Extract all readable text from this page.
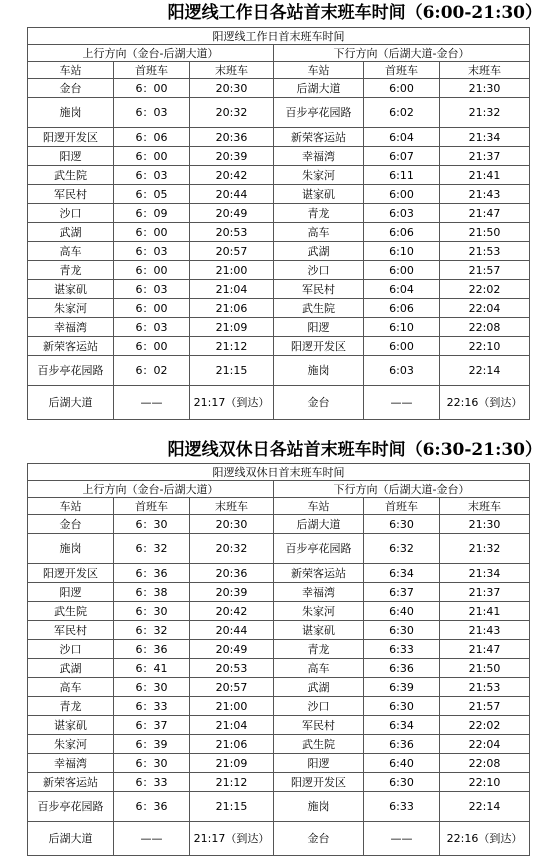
阳逻线工作日各站首末班车时间（6:00-21:30）
阳逻线工作日首末班车时间					
上行方向（金台-后湖大道）			下行方向（后湖大道-金台）		
车站	首班车	末班车	车站	首班车	末班车
金台	6：00	20:30	后湖大道	6:00	21:30
施岗	6：03	20:32	百步亭花园路	6:02	21:32
阳逻开发区	6：06	20:36	新荣客运站	6:04	21:34
阳逻	6：00	20:39	幸福湾	6:07	21:37
武生院	6：03	20:42	朱家河	6:11	21:41
军民村	6：05	20:44	谌家矶	6:00	21:43
沙口	6：09	20:49	青龙	6:03	21:47
武湖	6：00	20:53	高车	6:06	21:50
高车	6：03	20:57	武湖	6:10	21:53
青龙	6：00	21:00	沙口	6:00	21:57
谌家矶	6：03	21:04	军民村	6:04	22:02
朱家河	6：00	21:06	武生院	6:06	22:04
幸福湾	6：03	21:09	阳逻	6:10	22:08
新荣客运站	6：00	21:12	阳逻开发区	6:00	22:10
百步亭花园路	6：02	21:15	施岗	6:03	22:14
后湖大道	——	21:17（到达）	金台	——	22:16（到达）
阳逻线双休日各站首末班车时间（6:30-21:30）
阳逻线双休日首末班车时间					
上行方向（金台-后湖大道）			下行方向（后湖大道-金台）		
车站	首班车	末班车	车站	首班车	末班车
金台	6：30	20:30	后湖大道	6:30	21:30
施岗	6：32	20:32	百步亭花园路	6:32	21:32
阳逻开发区	6：36	20:36	新荣客运站	6:34	21:34
阳逻	6：38	20:39	幸福湾	6:37	21:37
武生院	6：30	20:42	朱家河	6:40	21:41
军民村	6：32	20:44	谌家矶	6:30	21:43
沙口	6：36	20:49	青龙	6:33	21:47
武湖	6：41	20:53	高车	6:36	21:50
高车	6：30	20:57	武湖	6:39	21:53
青龙	6：33	21:00	沙口	6:30	21:57
谌家矶	6：37	21:04	军民村	6:34	22:02
朱家河	6：39	21:06	武生院	6:36	22:04
幸福湾	6：30	21:09	阳逻	6:40	22:08
新荣客运站	6：33	21:12	阳逻开发区	6:30	22:10
百步亭花园路	6：36	21:15	施岗	6:33	22:14
后湖大道	——	21:17（到达）	金台	——	22:16（到达）
